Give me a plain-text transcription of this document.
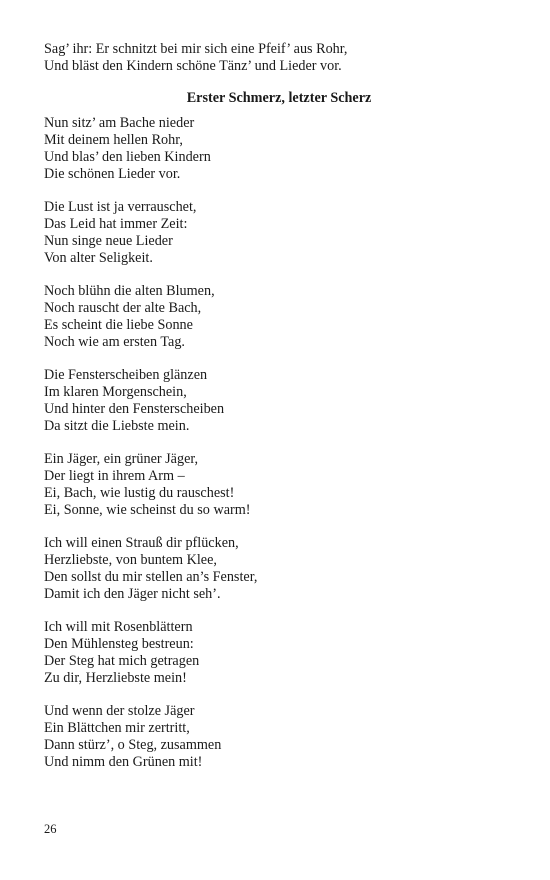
Sag’ ihr: Er schnitzt bei mir sich eine Pfeif’ aus Rohr,

Und bläst den Kindern schöne Tänz’ und Lieder vor.

Erster Schmerz, letzter Scherz

Nun sitz’ am Bache nieder

Mit deinem hellen Rohr,

Und blas’ den lieben Kindern

Die schönen Lieder vor.

Die Lust ist ja verrauschet,

Das Leid hat immer Zeit:

Nun singe neue Lieder

Von alter Seligkeit.

Noch blühn die alten Blumen,

Noch rauscht der alte Bach,

Es scheint die liebe Sonne

Noch wie am ersten Tag.

Die Fensterscheiben glänzen

Im klaren Morgenschein,

Und hinter den Fensterscheiben

Da sitzt die Liebste mein.

Ein Jäger, ein grüner Jäger,

Der liegt in ihrem Arm –

Ei, Bach, wie lustig du rauschest!

Ei, Sonne, wie scheinst du so warm!

Ich will einen Strauß dir pflücken,

Herzliebste, von buntem Klee,

Den sollst du mir stellen an’s Fenster,

Damit ich den Jäger nicht seh’.

Ich will mit Rosenblättern

Den Mühlensteg bestreun:

Der Steg hat mich getragen

Zu dir, Herzliebste mein!

Und wenn der stolze Jäger

Ein Blättchen mir zertritt,

Dann stürz’, o Steg, zusammen

Und nimm den Grünen mit!

26
